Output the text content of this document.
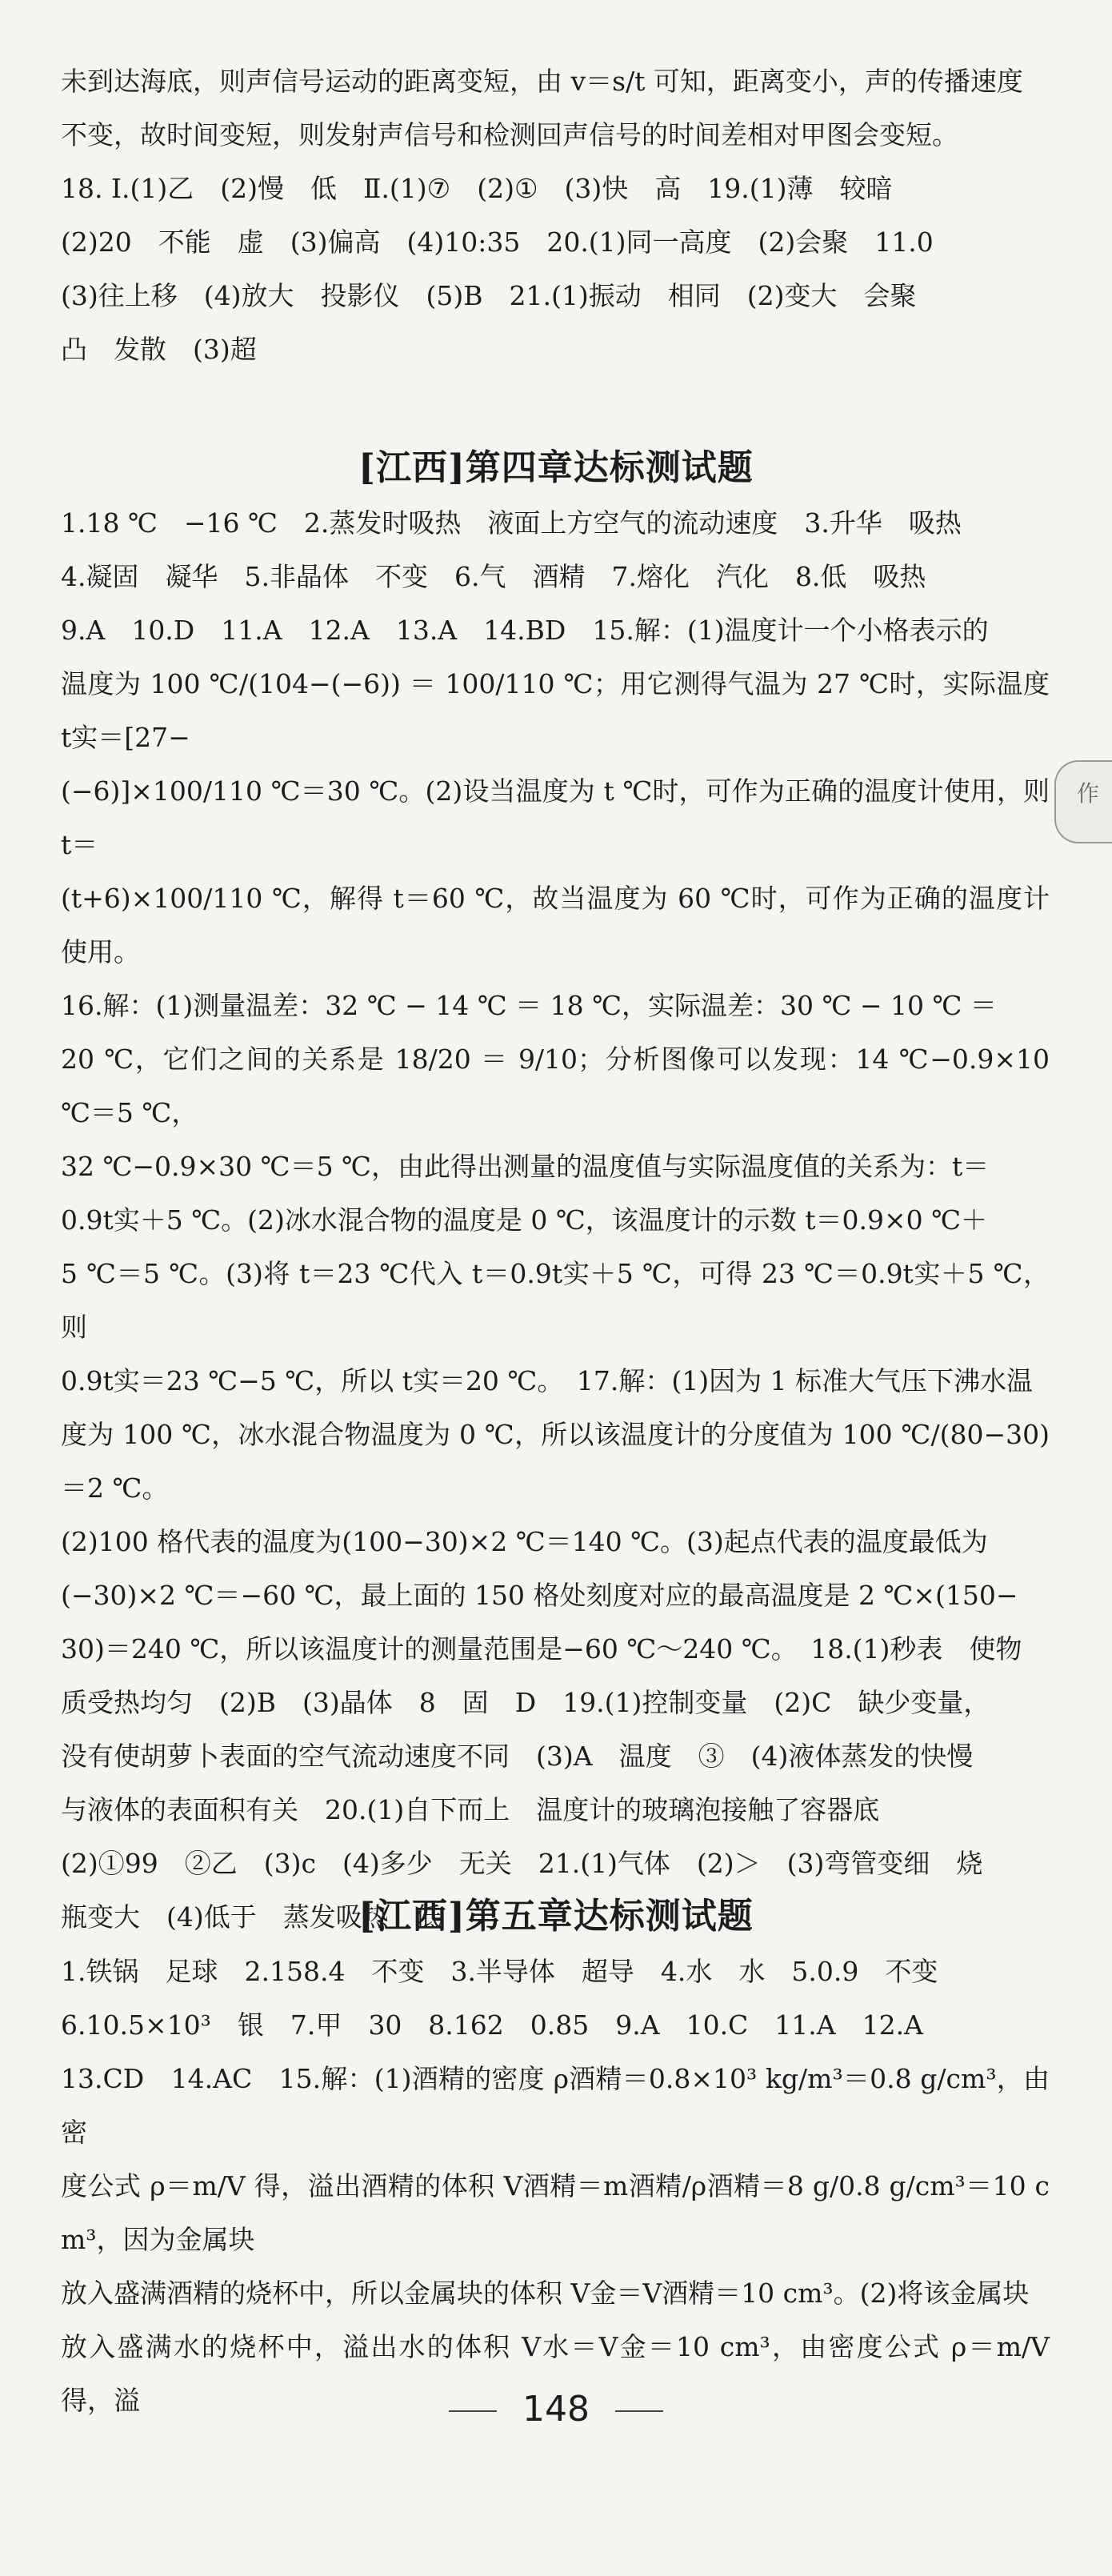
未到达海底，则声信号运动的距离变短，由 v＝s/t 可知，距离变小，声的传播速度

不变，故时间变短，则发射声信号和检测回声信号的时间差相对甲图会变短。

18. Ⅰ.(1)乙　(2)慢　低　Ⅱ.(1)⑦　(2)①　(3)快　高　19.(1)薄　较暗

(2)20　不能　虚　(3)偏高　(4)10:35　20.(1)同一高度　(2)会聚　11.0

(3)往上移　(4)放大　投影仪　(5)B　21.(1)振动　相同　(2)变大　会聚

凸　发散　(3)超

[江西]第四章达标测试题

1.18 ℃　−16 ℃　2.蒸发时吸热　液面上方空气的流动速度　3.升华　吸热

4.凝固　凝华　5.非晶体　不变　6.气　酒精　7.熔化　汽化　8.低　吸热

9.A　10.D　11.A　12.A　13.A　14.BD　15.解：(1)温度计一个小格表示的

温度为 100 ℃/(104−(−6)) ＝ 100/110 ℃；用它测得气温为 27 ℃时，实际温度 t实＝[27−

(−6)]×100/110 ℃＝30 ℃。(2)设当温度为 t ℃时，可作为正确的温度计使用，则t＝

(t+6)×100/110 ℃，解得 t＝60 ℃，故当温度为 60 ℃时，可作为正确的温度计使用。

16.解：(1)测量温差：32 ℃ − 14 ℃ ＝ 18 ℃，实际温差：30 ℃ − 10 ℃ ＝

20 ℃，它们之间的关系是 18/20 ＝ 9/10；分析图像可以发现：14 ℃−0.9×10 ℃＝5 ℃，

32 ℃−0.9×30 ℃＝5 ℃，由此得出测量的温度值与实际温度值的关系为：t＝

0.9t实＋5 ℃。(2)冰水混合物的温度是 0 ℃，该温度计的示数 t＝0.9×0 ℃＋

5 ℃＝5 ℃。(3)将 t＝23 ℃代入 t＝0.9t实＋5 ℃，可得 23 ℃＝0.9t实＋5 ℃，则

0.9t实＝23 ℃−5 ℃，所以 t实＝20 ℃。　17.解：(1)因为 1 标准大气压下沸水温

度为 100 ℃，冰水混合物温度为 0 ℃，所以该温度计的分度值为 100 ℃/(80−30) ＝2 ℃。

(2)100 格代表的温度为(100−30)×2 ℃＝140 ℃。(3)起点代表的温度最低为

(−30)×2 ℃＝−60 ℃，最上面的 150 格处刻度对应的最高温度是 2 ℃×(150−

30)＝240 ℃，所以该温度计的测量范围是−60 ℃～240 ℃。　18.(1)秒表　使物

质受热均匀　(2)B　(3)晶体　8　固　D　19.(1)控制变量　(2)C　缺少变量，

没有使胡萝卜表面的空气流动速度不同　(3)A　温度　③　(4)液体蒸发的快慢

与液体的表面积有关　20.(1)自下而上　温度计的玻璃泡接触了容器底

(2)①99　②乙　(3)c　(4)多少　无关　21.(1)气体　(2)＞　(3)弯管变细　烧

瓶变大　(4)低于　蒸发吸热　低

[江西]第五章达标测试题

1.铁锅　足球　2.158.4　不变　3.半导体　超导　4.水　水　5.0.9　不变

6.10.5×10³　银　7.甲　30　8.162　0.85　9.A　10.C　11.A　12.A

13.CD　14.AC　15.解：(1)酒精的密度 ρ酒精＝0.8×10³ kg/m³＝0.8 g/cm³，由密

度公式 ρ＝m/V 得，溢出酒精的体积 V酒精＝m酒精/ρ酒精＝8 g/0.8 g/cm³＝10 cm³，因为金属块

放入盛满酒精的烧杯中，所以金属块的体积 V金＝V酒精＝10 cm³。(2)将该金属块

放入盛满水的烧杯中，溢出水的体积 V水＝V金＝10 cm³，由密度公式 ρ＝m/V 得，溢	148
作
